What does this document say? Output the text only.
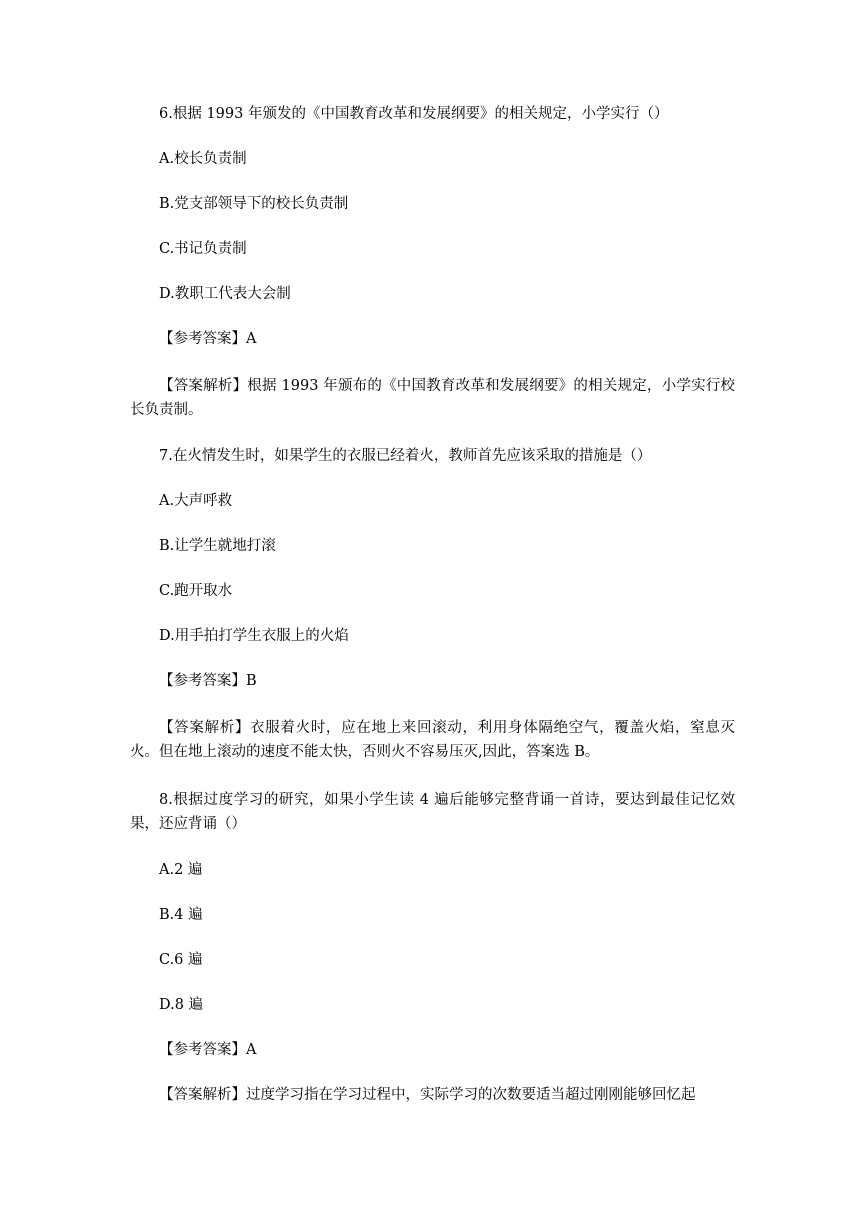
6.根据 1993 年颁发的《中国教育改革和发展纲要》的相关规定，小学实行（）

A.校长负责制

B.党支部领导下的校长负责制

C.书记负责制

D.教职工代表大会制

【参考答案】A

【答案解析】根据 1993 年颁布的《中国教育改革和发展纲要》的相关规定，小学实行校长负责制。

7.在火情发生时，如果学生的衣服已经着火，教师首先应该采取的措施是（）

A.大声呼救

B.让学生就地打滚

C.跑开取水

D.用手拍打学生衣服上的火焰

【参考答案】B

【答案解析】衣服着火时，应在地上来回滚动，利用身体隔绝空气，覆盖火焰，窒息灭火。但在地上滚动的速度不能太快，否则火不容易压灭,因此，答案选 B。

8.根据过度学习的研究，如果小学生读 4 遍后能够完整背诵一首诗，要达到最佳记忆效果，还应背诵（）

A.2 遍

B.4 遍

C.6 遍

D.8 遍

【参考答案】A

【答案解析】过度学习指在学习过程中，实际学习的次数要适当超过刚刚能够回忆起
